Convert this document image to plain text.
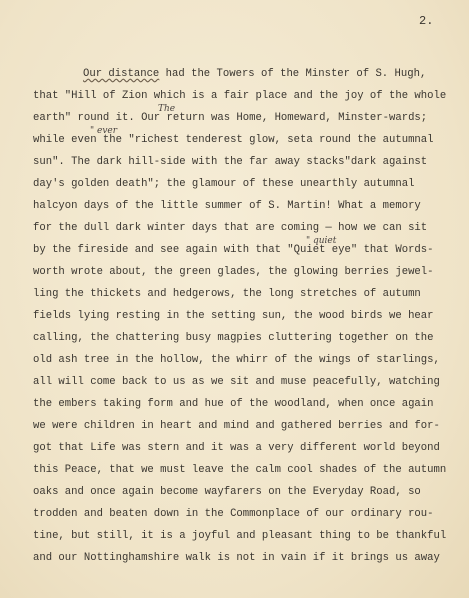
2.
Our distance had the Towers of the Minster of S. Hugh,
that "Hill of Zion which is a fair place and the joy of the whole
earth" round it. Our return was Home, Homeward, Minster-wards;
while even the "richest tenderest glow, seta round the autumnal
sun". The dark hill-side with the far away stacks"dark against
day's golden death"; the glamour of these unearthly autumnal
halcyon days of the little summer of S. Martin! What a memory
for the dull dark winter days that are coming — how we can sit
by the fireside and see again with that "Quiet eye" that Words-
worth wrote about, the green glades, the glowing berries jewel-
ling the thickets and hedgerows, the long stretches of autumn
fields lying resting in the setting sun, the wood birds we hear
calling, the chattering busy magpies cluttering together on the
old ash tree in the hollow, the whirr of the wings of starlings,
all will come back to us as we sit and muse peacefully, watching
the embers taking form and hue of the woodland, when once again
we were children in heart and mind and gathered berries and for-
got that Life was stern and it was a very different world beyond
this Peace, that we must leave the calm cool shades of the autumn
oaks and once again become wayfarers on the Everyday Road, so
trodden and beaten down in the Commonplace of our ordinary rou-
tine, but still, it is a joyful and pleasant thing to be thankful
and our Nottinghamshire walk is not in vain if it brings us away
The
" ever
" quiet
